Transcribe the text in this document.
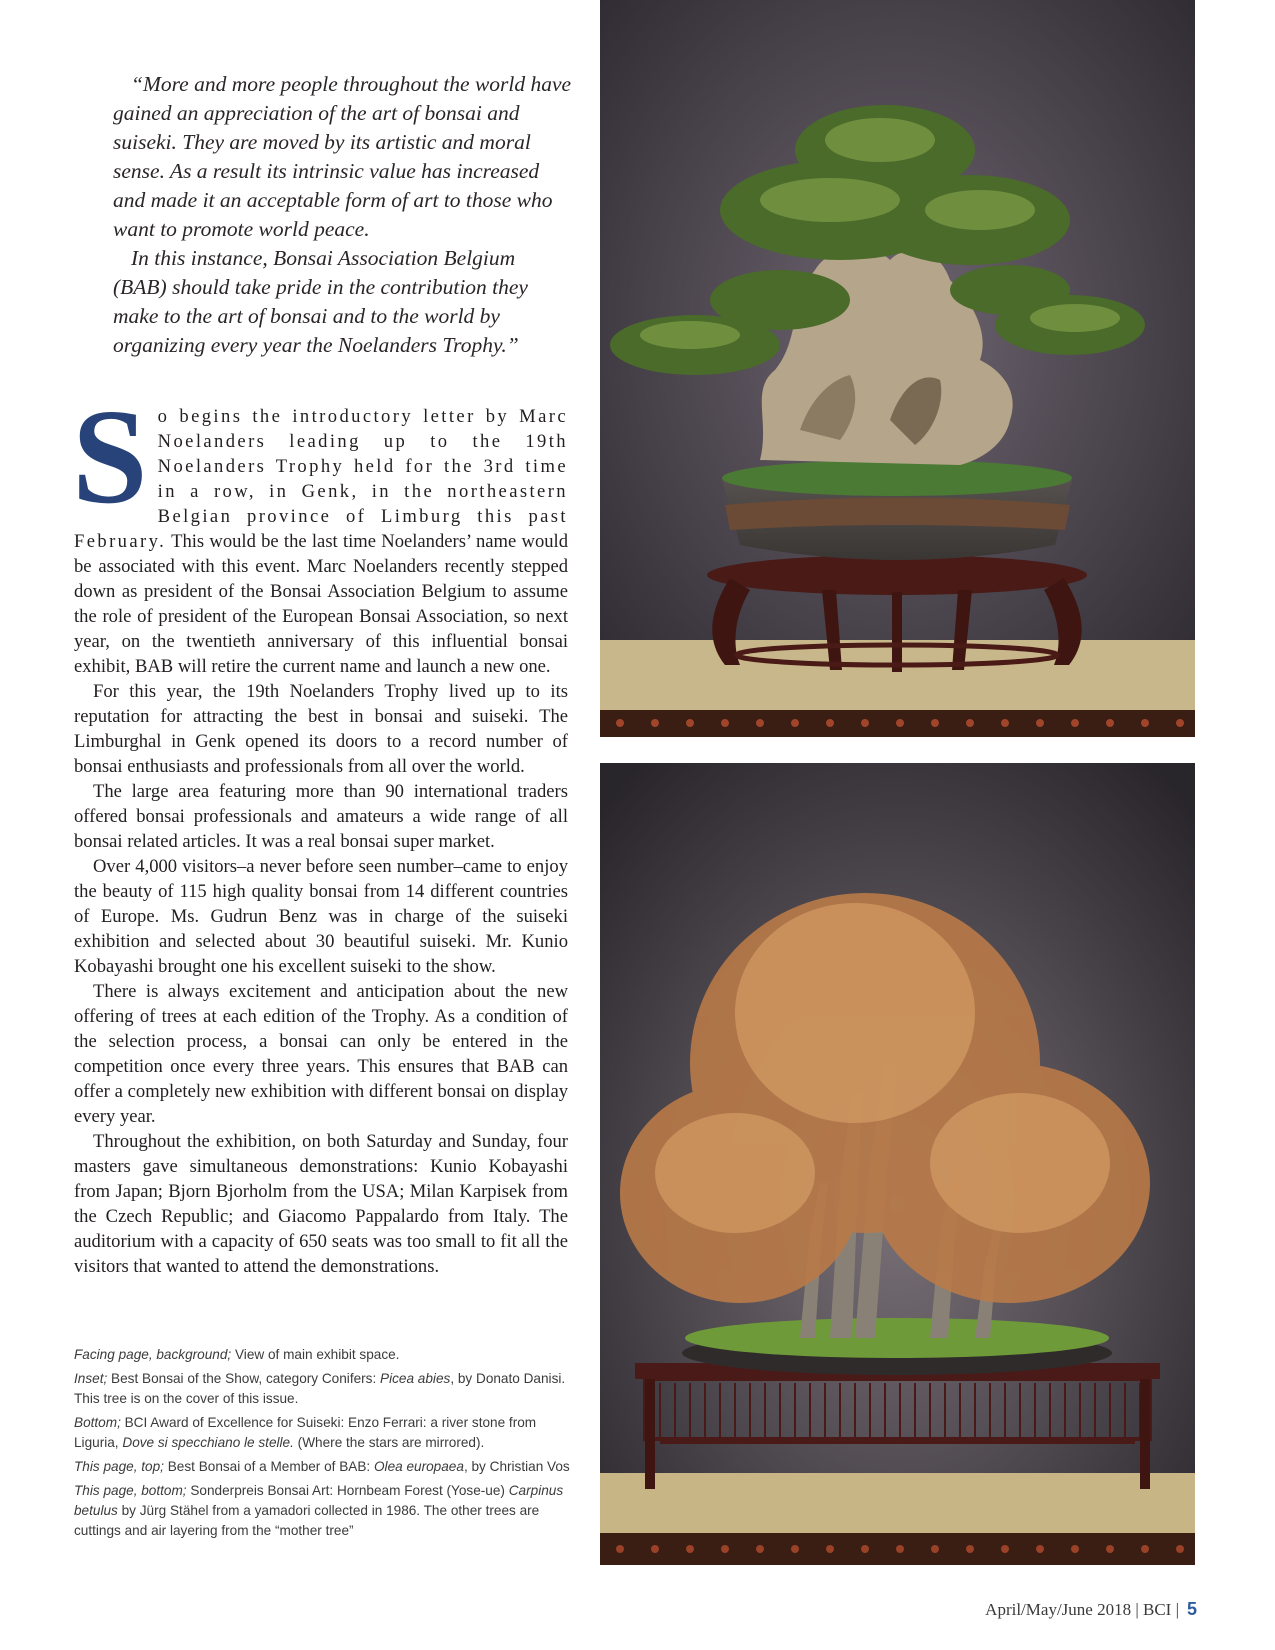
“More and more people throughout the world have gained an appreciation of the art of bonsai and suiseki. They are moved by its artistic and moral sense. As a result its intrinsic value has increased and made it an acceptable form of art to those who want to promote world peace.

In this instance, Bonsai Association Belgium (BAB) should take pride in the contribution they make to the art of bonsai and to the world by organizing every year the Noelanders Trophy.”

So begins the introductory letter by Marc Noelanders leading up to the 19th Noelanders Trophy held for the 3rd time in a row, in Genk, in the northeastern Belgian province of Limburg this past February. This would be the last time Noelanders’ name would be associated with this event. Marc Noelanders recently stepped down as president of the Bonsai Association Belgium to assume the role of president of the European Bonsai Association, so next year, on the twentieth anniversary of this influential bonsai exhibit, BAB will retire the current name and launch a new one.

For this year, the 19th Noelanders Trophy lived up to its reputation for attracting the best in bonsai and suiseki. The Limburghal in Genk opened its doors to a record number of bonsai enthusiasts and professionals from all over the world.

The large area featuring more than 90 international traders offered bonsai professionals and amateurs a wide range of all bonsai related articles. It was a real bonsai super market.

Over 4,000 visitors–a never before seen number–came to enjoy the beauty of 115 high quality bonsai from 14 different countries of Europe. Ms. Gudrun Benz was in charge of the suiseki exhibition and selected about 30 beautiful suiseki. Mr. Kunio Kobayashi brought one his excellent suiseki to the show.

There is always excitement and anticipation about the new offering of trees at each edition of the Trophy. As a condition of the selection process, a bonsai can only be entered in the competition once every three years. This ensures that BAB can offer a completely new exhibition with different bonsai on display every year.

Throughout the exhibition, on both Saturday and Sunday, four masters gave simultaneous demonstrations: Kunio Kobayashi from Japan; Bjorn Bjorholm from the USA; Milan Karpisek from the Czech Republic; and Giacomo Pappalardo from Italy. The auditorium with a capacity of 650 seats was too small to fit all the visitors that wanted to attend the demonstrations.

Facing page, background; View of main exhibit space.

Inset; Best Bonsai of the Show, category Conifers: Picea abies, by Donato Danisi. This tree is on the cover of this issue.

Bottom; BCI Award of Excellence for Suiseki: Enzo Ferrari: a river stone from Liguria, Dove si specchiano le stelle. (Where the stars are mirrored).

This page, top; Best Bonsai of a Member of BAB: Olea europaea, by Christian Vos

This page, bottom; Sonderpreis Bonsai Art: Hornbeam Forest (Yose-ue) Carpinus betulus by Jürg Stähel from a yamadori collected in 1986. The other trees are cuttings and air layering from the “mother tree”

April/May/June 2018 | BCI | 5
